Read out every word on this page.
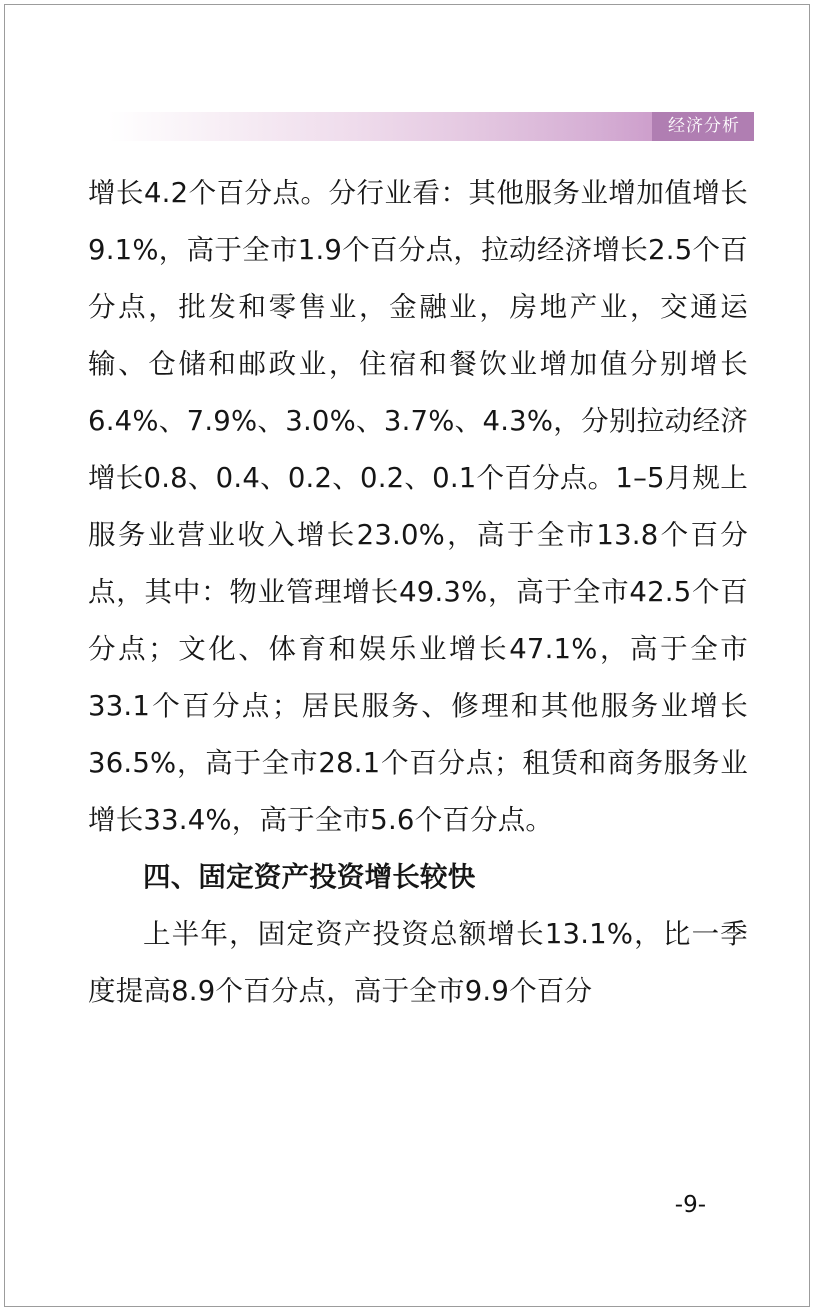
经济分析

增长4.2个百分点。分行业看：其他服务业增加值增长9.1%，高于全市1.9个百分点，拉动经济增长2.5个百分点，批发和零售业，金融业，房地产业，交通运输、仓储和邮政业，住宿和餐饮业增加值分别增长6.4%、7.9%、3.0%、3.7%、4.3%，分别拉动经济增长0.8、0.4、0.2、0.2、0.1个百分点。1–5月规上服务业营业收入增长23.0%，高于全市13.8个百分点，其中：物业管理增长49.3%，高于全市42.5个百分点；文化、体育和娱乐业增长47.1%，高于全市33.1个百分点；居民服务、修理和其他服务业增长36.5%，高于全市28.1个百分点；租赁和商务服务业增长33.4%，高于全市5.6个百分点。

四、固定资产投资增长较快

上半年，固定资产投资总额增长13.1%，比一季度提高8.9个百分点，高于全市9.9个百分

-9-
